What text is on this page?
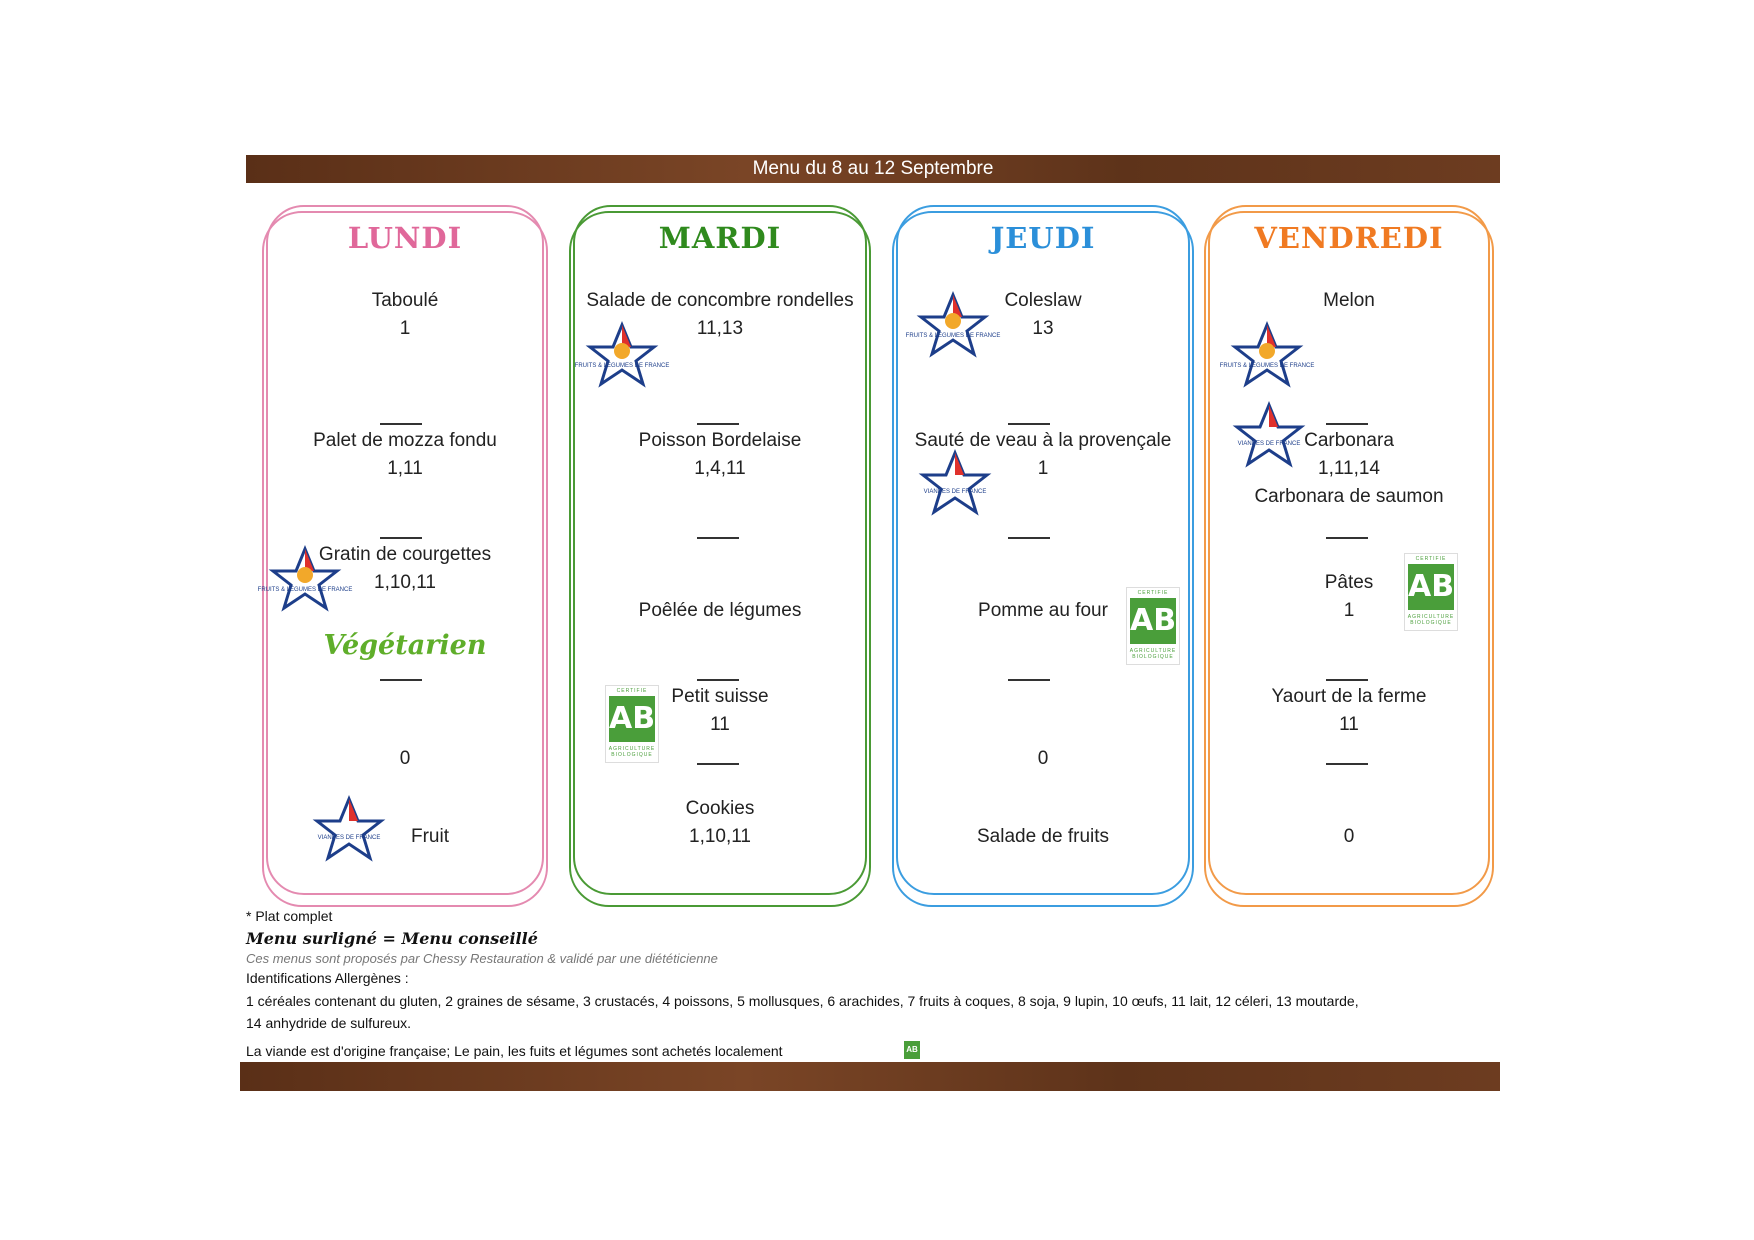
Menu du 8 au 12 Septembre
LUNDI
Taboulé
1
Palet de mozza fondu
1,11
Gratin de courgettes
1,10,11
Végétarien
0
Fruit
FRUITS & LÉGUMES DE FRANCE
VIANDES DE FRANCE
MARDI
Salade de concombre rondelles
11,13
Poisson Bordelaise
1,4,11
Poêlée de légumes
Petit suisse
11
Cookies
1,10,11
FRUITS & LÉGUMES DE FRANCE
CERTIFIE
AB
AGRICULTURE BIOLOGIQUE
JEUDI
Coleslaw
13
Sauté de veau à la provençale
1
Pomme au four
0
Salade de fruits
FRUITS & LÉGUMES DE FRANCE
VIANDES DE FRANCE
CERTIFIE
AB
AGRICULTURE BIOLOGIQUE
VENDREDI
Melon
Carbonara
1,11,14
Carbonara de saumon
Pâtes
1
Yaourt de la ferme
11
0
FRUITS & LÉGUMES DE FRANCE
VIANDES DE FRANCE
CERTIFIE
AB
AGRICULTURE BIOLOGIQUE
* Plat complet
Menu surligné = Menu conseillé
Ces menus sont proposés par Chessy Restauration & validé par une diététicienne
Identifications Allergènes :
1 céréales contenant du gluten, 2 graines de sésame, 3 crustacés, 4 poissons, 5 mollusques, 6 arachides, 7 fruits à coques, 8 soja, 9 lupin, 10 œufs, 11 lait, 12 céleri, 13 moutarde,
14 anhydride de sulfureux.
La viande est d'origine française; Le pain, les fuits et légumes sont achetés localement	AB
